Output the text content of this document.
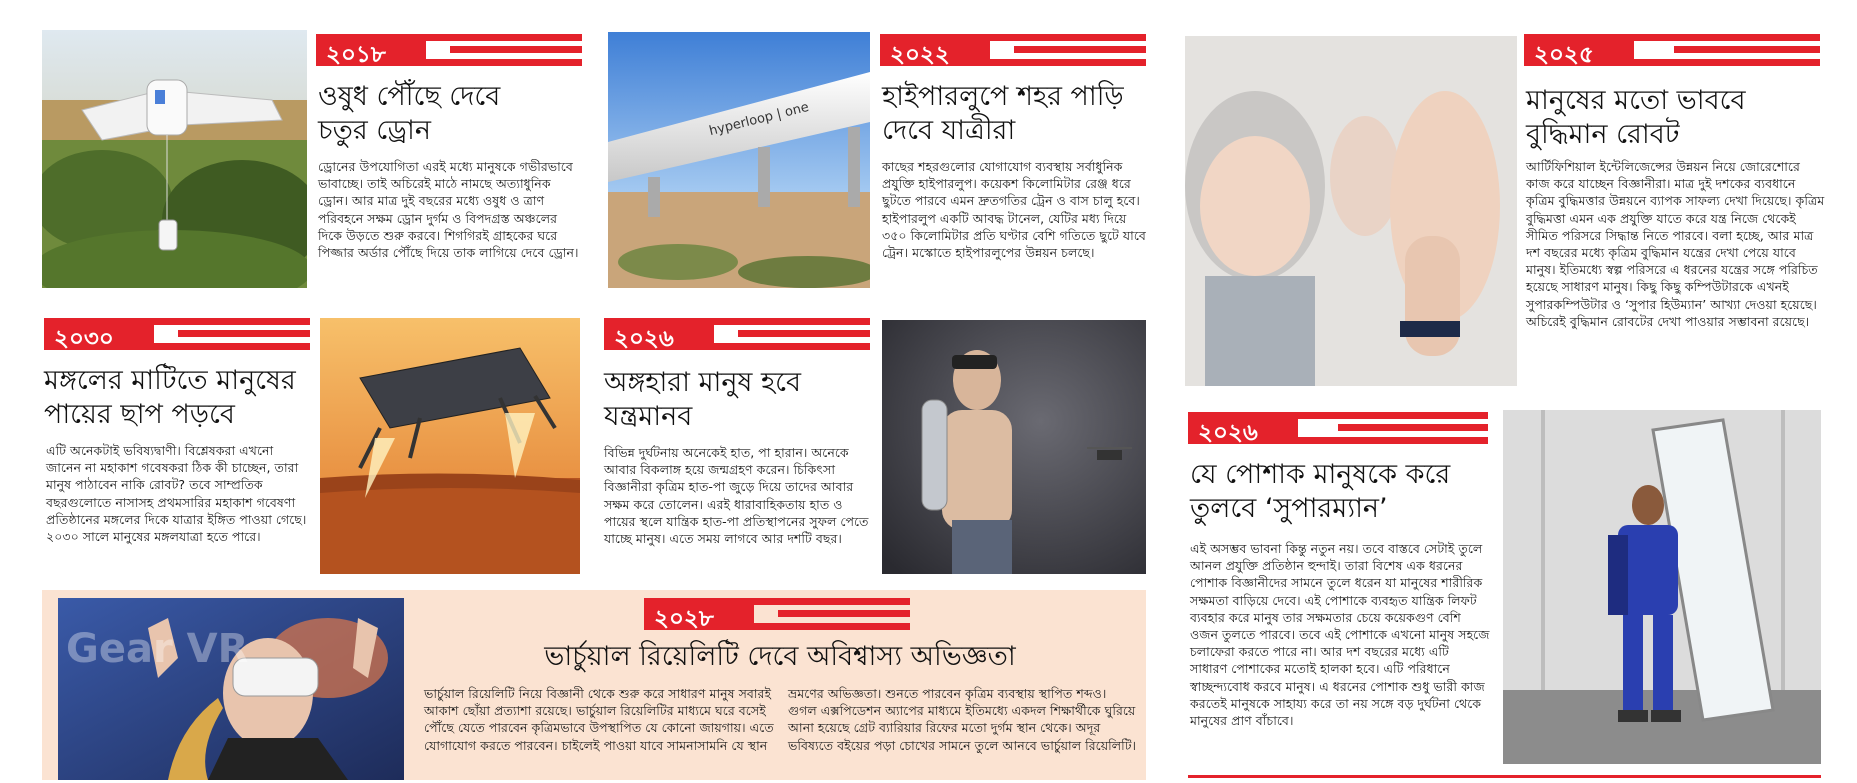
২০১৮
ওষুধ পৌঁছে দেবে
চতুর ড্রোন
ড্রোনের উপযোগিতা এরই মধ্যে মানুষকে গভীরভাবে ভাবাচ্ছে। তাই অচিরেই মাঠে নামছে অত্যাধুনিক ড্রোন। আর মাত্র দুই বছরের মধ্যে ওষুধ ও ত্রাণ পরিবহনে সক্ষম ড্রোন দুর্গম ও বিপদগ্রস্ত অঞ্চলের দিকে উড়তে শুরু করবে। শিগগিরই গ্রাহকের ঘরে পিজ্জার অর্ডার পৌঁছে দিয়ে তাক লাগিয়ে দেবে ড্রোন।
hyperloop | one
২০২২
হাইপারলুপে শহর পাড়ি
দেবে যাত্রীরা
কাছের শহরগুলোর যোগাযোগ ব্যবস্থায় সর্বাধুনিক প্রযুক্তি হাইপারলুপ। কয়েকশ কিলোমিটার রেঞ্জ ধরে ছুটতে পারবে এমন দ্রুতগতির ট্রেন ও বাস চালু হবে। হাইপারলুপ একটি আবদ্ধ টানেল, যেটির মধ্য দিয়ে ৩৫০ কিলোমিটার প্রতি ঘণ্টার বেশি গতিতে ছুটে যাবে ট্রেন। মস্কোতে হাইপারলুপের উন্নয়ন চলছে।
২০২৫
মানুষের মতো ভাববে
বুদ্ধিমান রোবট
আর্টিফিশিয়াল ইন্টেলিজেন্সের উন্নয়ন নিয়ে জোরেশোরে কাজ করে যাচ্ছেন বিজ্ঞানীরা। মাত্র দুই দশকের ব্যবধানে কৃত্রিম বুদ্ধিমত্তার উন্নয়নে ব্যাপক সাফল্য দেখা দিয়েছে। কৃত্রিম বুদ্ধিমত্তা এমন এক প্রযুক্তি যাতে করে যন্ত্র নিজে থেকেই সীমিত পরিসরে সিদ্ধান্ত নিতে পারবে। বলা হচ্ছে, আর মাত্র দশ বছরের মধ্যে কৃত্রিম বুদ্ধিমান যন্ত্রের দেখা পেয়ে যাবে মানুষ। ইতিমধ্যে স্বল্প পরিসরে এ ধরনের যন্ত্রের সঙ্গে পরিচিত হয়েছে সাধারণ মানুষ। কিছু কিছু কম্পিউটারকে এখনই সুপারকম্পিউটার ও ‘সুপার হিউম্যান’ আখ্যা দেওয়া হয়েছে। অচিরেই বুদ্ধিমান রোবটের দেখা পাওয়ার সম্ভাবনা রয়েছে।
২০৩০
মঙ্গলের মাটিতে মানুষের
পায়ের ছাপ পড়বে
এটি অনেকটাই ভবিষ্যদ্বাণী। বিশ্লেষকরা এখনো জানেন না মহাকাশ গবেষকরা ঠিক কী চাচ্ছেন, তারা মানুষ পাঠাবেন নাকি রোবট? তবে সাম্প্রতিক বছরগুলোতে নাসাসহ প্রথমসারির মহাকাশ গবেষণা প্রতিষ্ঠানের মঙ্গলের দিকে যাত্রার ইঙ্গিত পাওয়া গেছে। ২০৩০ সালে মানুষের মঙ্গলযাত্রা হতে পারে।
২০২৬
অঙ্গহারা মানুষ হবে
যন্ত্রমানব
বিভিন্ন দুর্ঘটনায় অনেকেই হাত, পা হারান। অনেকে আবার বিকলাঙ্গ হয়ে জন্মগ্রহণ করেন। চিকিৎসা বিজ্ঞানীরা কৃত্রিম হাত-পা জুড়ে দিয়ে তাদের আবার সক্ষম করে তোলেন। এরই ধারাবাহিকতায় হাত ও পায়ের স্থলে যান্ত্রিক হাত-পা প্রতিস্থাপনের সুফল পেতে যাচ্ছে মানুষ। এতে সময় লাগবে আর দশটি বছর।
২০২৬
যে পোশাক মানুষকে করে
তুলবে ‘সুপারম্যান’
এই অসম্ভব ভাবনা কিন্তু নতুন নয়। তবে বাস্তবে সেটাই তুলে আনল প্রযুক্তি প্রতিষ্ঠান হুন্দাই। তারা বিশেষ এক ধরনের পোশাক বিজ্ঞানীদের সামনে তুলে ধরেন যা মানুষের শারীরিক সক্ষমতা বাড়িয়ে দেবে। এই পোশাকে ব্যবহৃত যান্ত্রিক লিফট ব্যবহার করে মানুষ তার সক্ষমতার চেয়ে কয়েকগুণ বেশি ওজন তুলতে পারবে। তবে এই পোশাকে এখনো মানুষ সহজে চলাফেরা করতে পারে না। আর দশ বছরের মধ্যে এটি সাধারণ পোশাকের মতোই হালকা হবে। এটি পরিধানে স্বাচ্ছন্দ্যবোধ করবে মানুষ। এ ধরনের পোশাক শুধু ভারী কাজ করতেই মানুষকে সাহায্য করে তা নয় সঙ্গে বড় দুর্ঘটনা থেকে মানুষের প্রাণ বাঁচাবে।
Gear VR
২০২৮
ভার্চুয়াল রিয়েলিটি দেবে অবিশ্বাস্য অভিজ্ঞতা
ভার্চুয়াল রিয়েলিটি নিয়ে বিজ্ঞানী থেকে শুরু করে সাধারণ মানুষ সবারই আকাশ ছোঁয়া প্রত্যাশা রয়েছে। ভার্চুয়াল রিয়েলিটির মাধ্যমে ঘরে বসেই পৌঁছে যেতে পারবেন কৃত্রিমভাবে উপস্থাপিত যে কোনো জায়গায়। এতে যোগাযোগ করতে পারবেন। চাইলেই পাওয়া যাবে সামনাসামনি যে স্থান
ভ্রমণের অভিজ্ঞতা। শুনতে পারবেন কৃত্রিম ব্যবস্থায় স্থাপিত শব্দও। গুগল এক্সপিডেশন অ্যাপের মাধ্যমে ইতিমধ্যে একদল শিক্ষার্থীকে ঘুরিয়ে আনা হয়েছে গ্রেট ব্যারিয়ার রিফের মতো দুর্গম স্থান থেকে। অদূর ভবিষ্যতে বইয়ের পড়া চোখের সামনে তুলে আনবে ভার্চুয়াল রিয়েলিটি।
